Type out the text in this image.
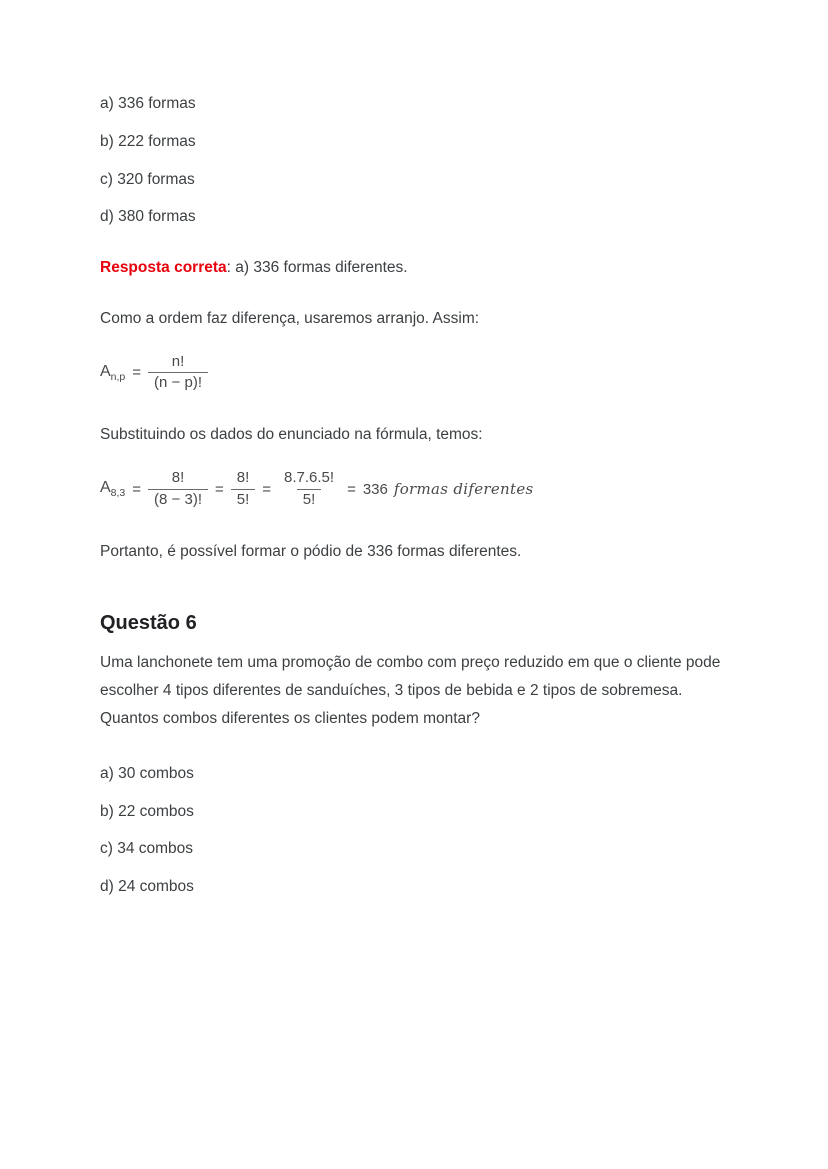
a) 336 formas

b) 222 formas

c) 320 formas

d) 380 formas

Resposta correta: a) 336 formas diferentes.

Como a ordem faz diferença, usaremos arranjo. Assim:

$A_{n,p} = \frac{n!}{(n - p)!}$

Substituindo os dados do enunciado na fórmula, temos:

$A_{8,3} = \frac{8!}{(8 - 3)!} = \frac{8!}{5!} = \frac{8.7.6.5!}{5!} = 336$ formas diferentes

Portanto, é possível formar o pódio de 336 formas diferentes.

Questão 6

Uma lanchonete tem uma promoção de combo com preço reduzido em que o cliente pode escolher 4 tipos diferentes de sanduíches, 3 tipos de bebida e 2 tipos de sobremesa. Quantos combos diferentes os clientes podem montar?

a) 30 combos

b) 22 combos

c) 34 combos

d) 24 combos
